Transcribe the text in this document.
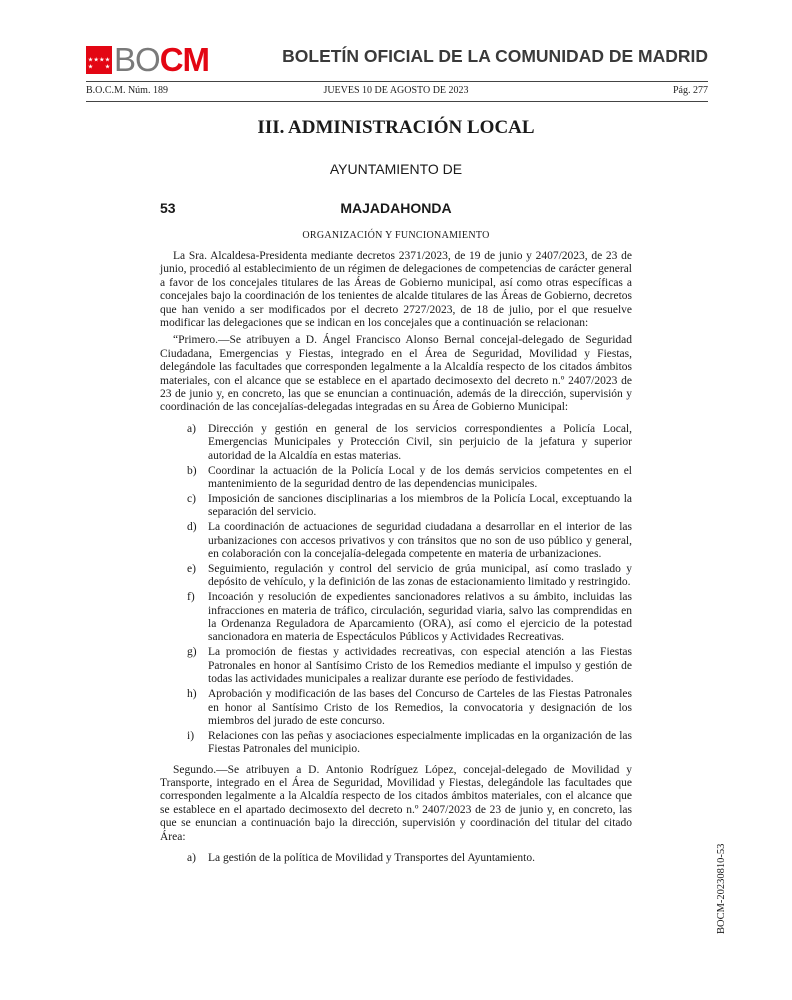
BOCM	BOLETÍN OFICIAL DE LA COMUNIDAD DE MADRID
B.O.C.M. Núm. 189	JUEVES 10 DE AGOSTO DE 2023	Pág. 277
III. ADMINISTRACIÓN LOCAL
AYUNTAMIENTO DE
53	MAJADAHONDA
ORGANIZACIÓN Y FUNCIONAMIENTO

La Sra. Alcaldesa-Presidenta mediante decretos 2371/2023, de 19 de junio y 2407/2023, de 23 de junio, procedió al establecimiento de un régimen de delegaciones de competencias de carácter general a favor de los concejales titulares de las Áreas de Gobierno municipal, así como otras específicas a concejales bajo la coordinación de los tenientes de alcalde titulares de las Áreas de Gobierno, decretos que han venido a ser modificados por el decreto 2727/2023, de 18 de julio, por el que resuelve modificar las delegaciones que se indican en los concejales que a continuación se relacionan:

“Primero.—Se atribuyen a D. Ángel Francisco Alonso Bernal concejal-delegado de Seguridad Ciudadana, Emergencias y Fiestas, integrado en el Área de Seguridad, Movilidad y Fiestas, delegándole las facultades que corresponden legalmente a la Alcaldía respecto de los citados ámbitos materiales, con el alcance que se establece en el apartado decimosexto del decreto n.º 2407/2023 de 23 de junio y, en concreto, las que se enuncian a continuación, además de la dirección, supervisión y coordinación de las concejalías-delegadas integradas en su Área de Gobierno Municipal:

a)	Dirección y gestión en general de los servicios correspondientes a Policía Local, Emergencias Municipales y Protección Civil, sin perjuicio de la jefatura y superior autoridad de la Alcaldía en estas materias.
b) Coordinar la actuación de la Policía Local y de los demás servicios competentes en el mantenimiento de la seguridad dentro de las dependencias municipales.
c)	Imposición de sanciones disciplinarias a los miembros de la Policía Local, exceptuando la separación del servicio.
d) La coordinación de actuaciones de seguridad ciudadana a desarrollar en el interior de las urbanizaciones con accesos privativos y con tránsitos que no son de uso público y general, en colaboración con la concejalía-delegada competente en materia de urbanizaciones.
e)	Seguimiento, regulación y control del servicio de grúa municipal, así como traslado y depósito de vehículo, y la definición de las zonas de estacionamiento limitado y restringido.
f)	Incoación y resolución de expedientes sancionadores relativos a su ámbito, incluidas las infracciones en materia de tráfico, circulación, seguridad viaria, salvo las comprendidas en la Ordenanza Reguladora de Aparcamiento (ORA), así como el ejercicio de la potestad sancionadora en materia de Espectáculos Públicos y Actividades Recreativas.
g) La promoción de fiestas y actividades recreativas, con especial atención a las Fiestas Patronales en honor al Santísimo Cristo de los Remedios mediante el impulso y gestión de todas las actividades municipales a realizar durante ese período de festividades.
h) Aprobación y modificación de las bases del Concurso de Carteles de las Fiestas Patronales en honor al Santísimo Cristo de los Remedios, la convocatoria y designación de los miembros del jurado de este concurso.
i)	Relaciones con las peñas y asociaciones especialmente implicadas en la organización de las Fiestas Patronales del municipio.

Segundo.—Se atribuyen a D. Antonio Rodríguez López, concejal-delegado de Movilidad y Transporte, integrado en el Área de Seguridad, Movilidad y Fiestas, delegándole las facultades que corresponden legalmente a la Alcaldía respecto de los citados ámbitos materiales, con el alcance que se establece en el apartado decimosexto del decreto n.º 2407/2023 de 23 de junio y, en concreto, las que se enuncian a continuación bajo la dirección, supervisión y coordinación del titular del citado Área:

a)	La gestión de la política de Movilidad y Transportes del Ayuntamiento.	BOCM-20230810-53
